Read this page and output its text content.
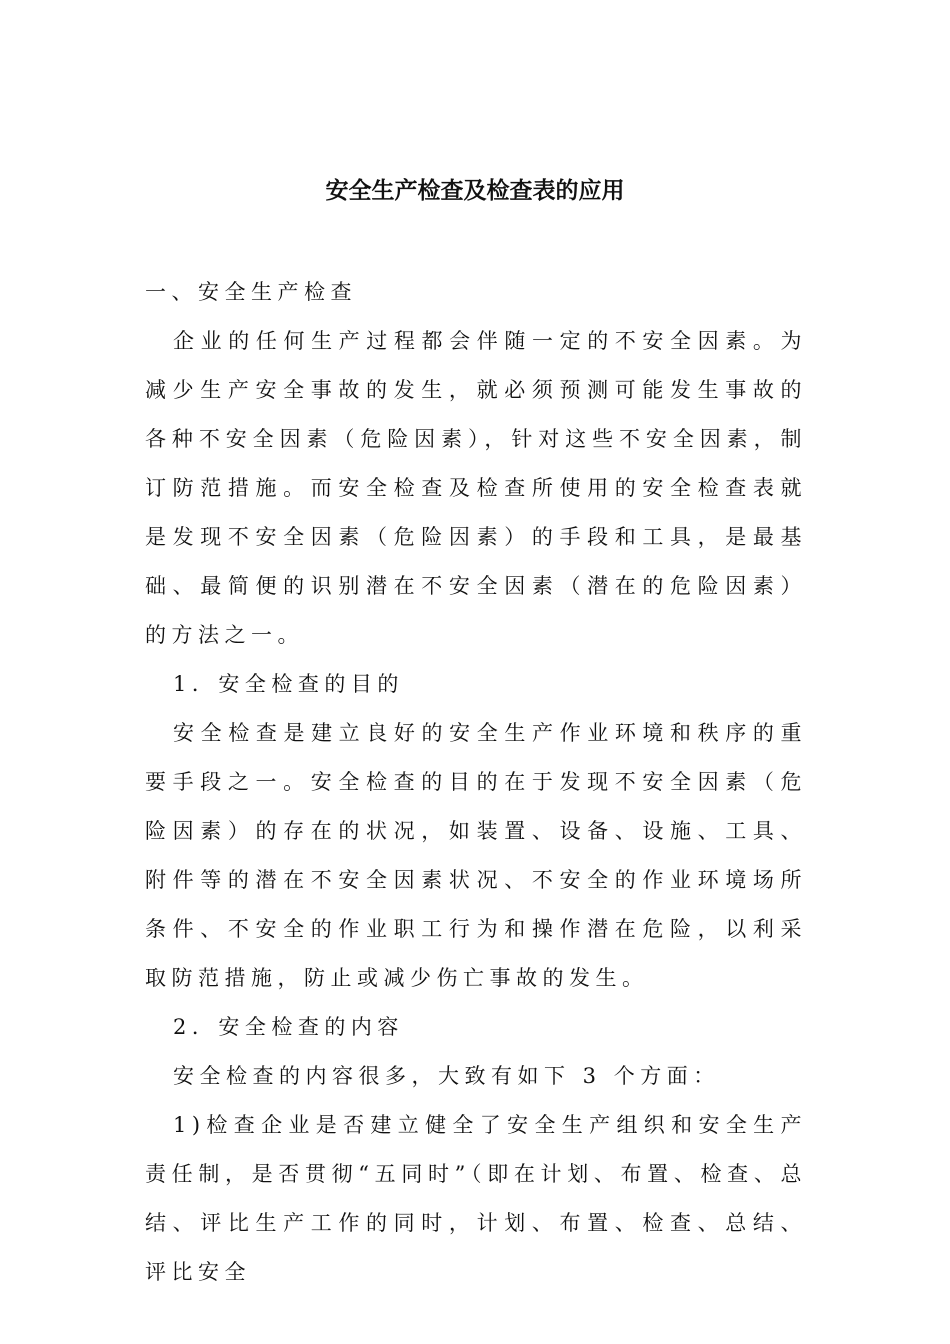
安全生产检查及检查表的应用

一、安全生产检查

企业的任何生产过程都会伴随一定的不安全因素。为减少生产安全事故的发生，就必须预测可能发生事故的各种不安全因素（危险因素），针对这些不安全因素，制订防范措施。而安全检查及检查所使用的安全检查表就是发现不安全因素（危险因素）的手段和工具，是最基础、最简便的识别潜在不安全因素（潜在的危险因素）的方法之一。

1．安全检查的目的

安全检查是建立良好的安全生产作业环境和秩序的重要手段之一。安全检查的目的在于发现不安全因素（危险因素）的存在的状况，如装置、设备、设施、工具、附件等的潜在不安全因素状况、不安全的作业环境场所条件、不安全的作业职工行为和操作潜在危险，以利采取防范措施，防止或减少伤亡事故的发生。

2．安全检查的内容

安全检查的内容很多，大致有如下 3 个方面：

1)检查企业是否建立健全了安全生产组织和安全生产责任制，是否贯彻“五同时”（即在计划、布置、检查、总结、评比生产工作的同时，计划、布置、检查、总结、评比安全
